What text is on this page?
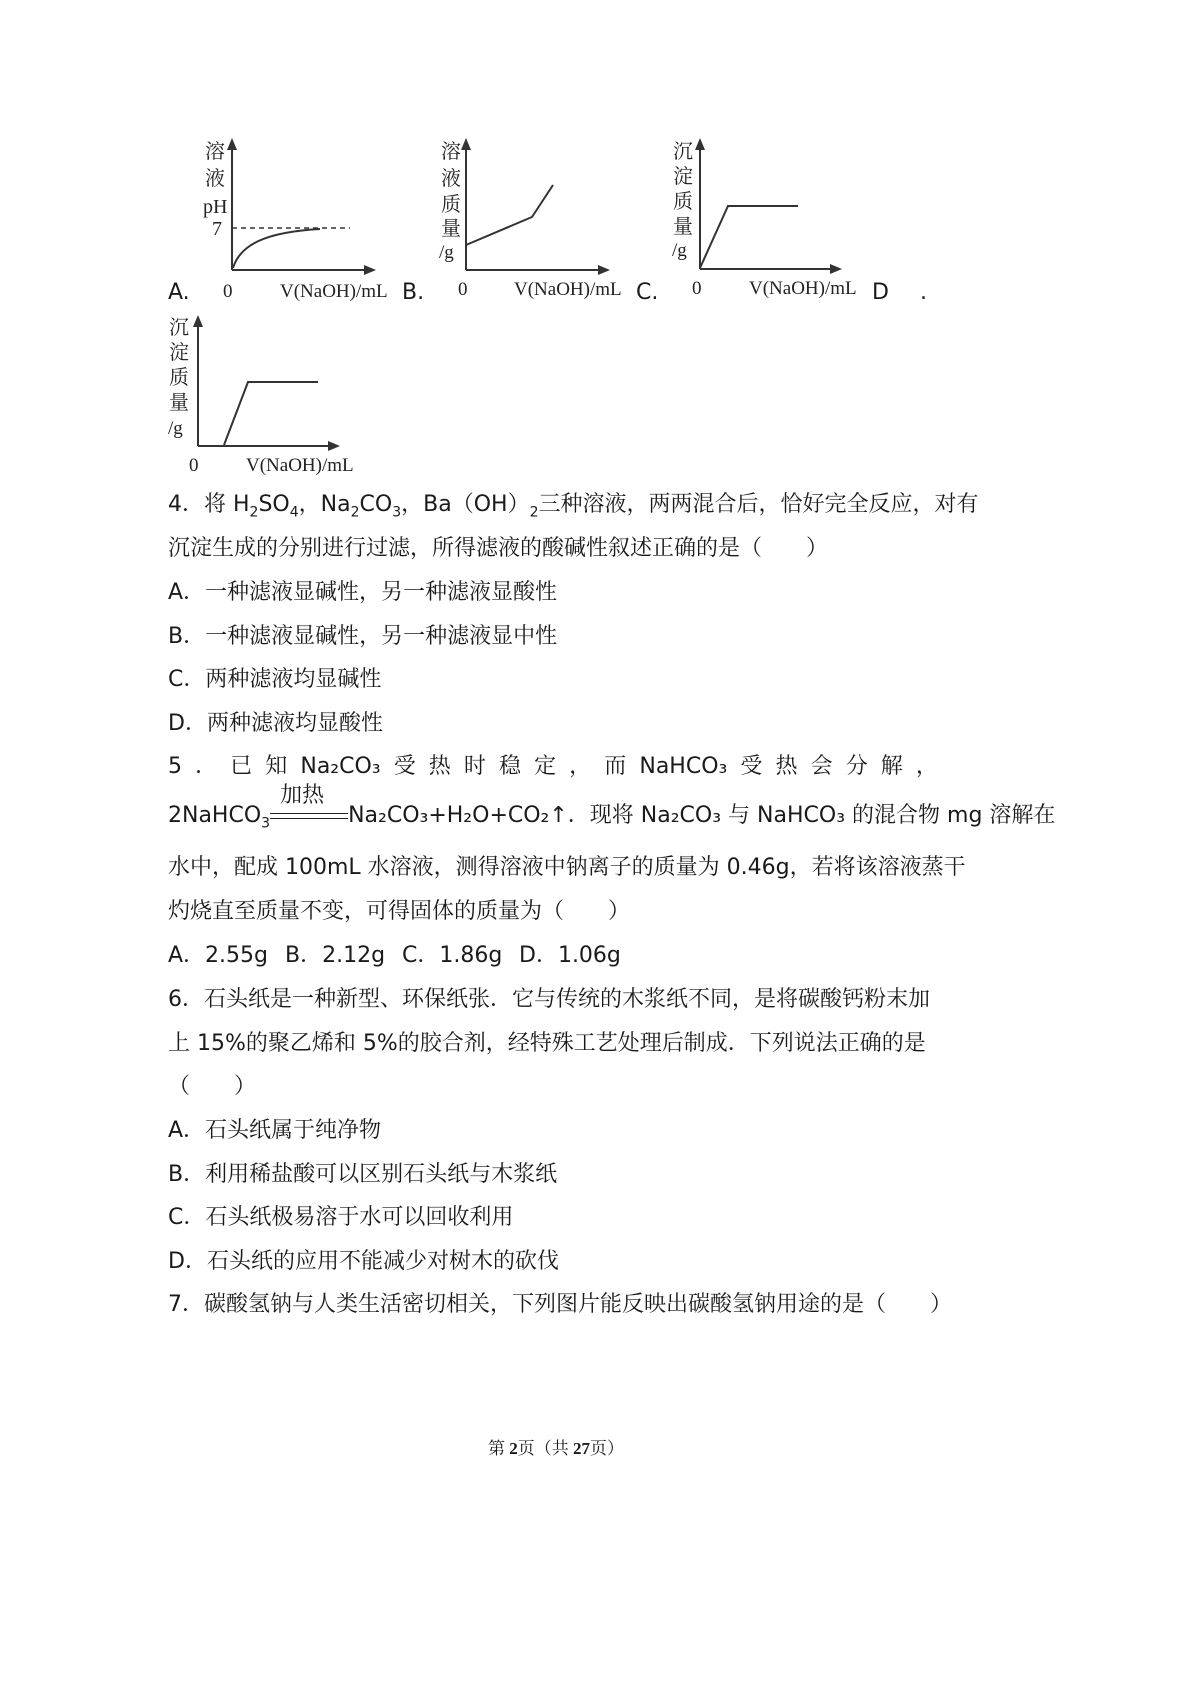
A.
溶
液
pH
7
0	V(NaOH)/mL B.
溶
液
质
量
/g
0 V(NaOH)/mL C.
沉
淀
质
量
/g
0	V(NaOH)/mL D .
沉
淀
质
量
/g
0	V(NaOH)/mL
4．将 $H_2SO_4$，$Na_2CO_3$，$Ba(OH)_2$三种溶液，两两混合后，恰好完全反应，对有
沉淀生成的分别进行过滤，所得滤液的酸碱性叙述正确的是（　　）
A．一种滤液显碱性，另一种滤液显酸性
B．一种滤液显碱性，另一种滤液显中性
C．两种滤液均显碱性
D．两种滤液均显酸性
5 ． 已 知 Na₂CO₃ 受 热 时 稳 定 ， 而 NaHCO₃ 受 热 会 分 解 ，
2NaHCO$_3$
加热
Na₂CO₃+H₂O+CO₂↑．现将 Na₂CO₃ 与 NaHCO₃ 的混合物 mg 溶解在
水中，配成 100mL 水溶液，测得溶液中钠离子的质量为 0.46g，若将该溶液蒸干
灼烧直至质量不变，可得固体的质量为（　　）
A．2.55g B．2.12g C．1.86g D．1.06g
6．石头纸是一种新型、环保纸张．它与传统的木浆纸不同，是将碳酸钙粉末加
上 15%的聚乙烯和 5%的胶合剂，经特殊工艺处理后制成．下列说法正确的是
（　　）
A．石头纸属于纯净物
B．利用稀盐酸可以区别石头纸与木浆纸
C．石头纸极易溶于水可以回收利用
D．石头纸的应用不能减少对树木的砍伐
7．碳酸氢钠与人类生活密切相关，下列图片能反映出碳酸氢钠用途的是（　　）
第 2页（共 27页）
